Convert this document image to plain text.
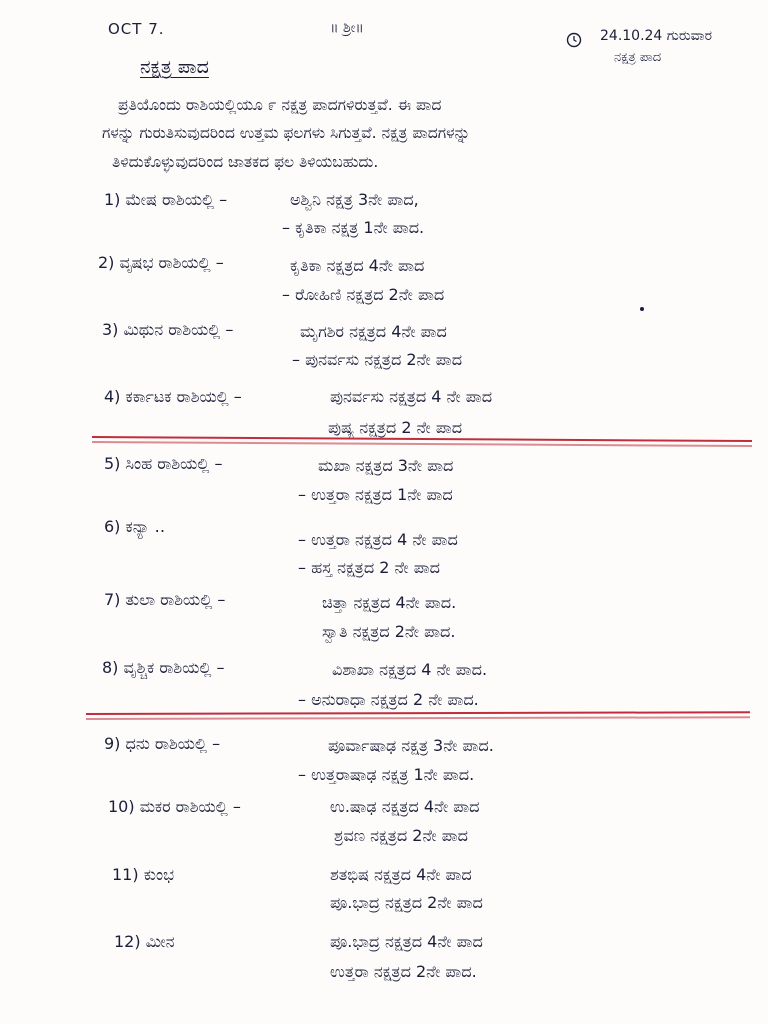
OCT 7.	॥ ಶ್ರೀ॥	24.10.24 ಗುರುವಾರ
ನಕ್ಷತ್ರ ಪಾದ
ನಕ್ಷತ್ರ ಪಾದ
ಪ್ರತಿಯೊಂದು ರಾಶಿಯಲ್ಲಿಯೂ ೯ ನಕ್ಷತ್ರ ಪಾದಗಳಿರುತ್ತವೆ. ಈ ಪಾದ
ಗಳನ್ನು ಗುರುತಿಸುವುದರಿಂದ ಉತ್ತಮ ಫಲಗಳು ಸಿಗುತ್ತವೆ. ನಕ್ಷತ್ರ ಪಾದಗಳನ್ನು
ತಿಳಿದುಕೊಳ್ಳುವುದರಿಂದ ಜಾತಕದ ಫಲ ತಿಳಿಯಬಹುದು.
1) ಮೇಷ ರಾಶಿಯಲ್ಲಿ –	ಅಶ್ವಿನಿ ನಕ್ಷತ್ರ 3ನೇ ಪಾದ,
– ಕೃತಿಕಾ ನಕ್ಷತ್ರ 1ನೇ ಪಾದ.
2) ವೃಷಭ ರಾಶಿಯಲ್ಲಿ –	ಕೃತಿಕಾ ನಕ್ಷತ್ರದ 4ನೇ ಪಾದ
– ರೋಹಿಣಿ ನಕ್ಷತ್ರದ 2ನೇ ಪಾದ
3) ಮಿಥುನ ರಾಶಿಯಲ್ಲಿ –	ಮೃಗಶಿರ ನಕ್ಷತ್ರದ 4ನೇ ಪಾದ
– ಪುನರ್ವಸು ನಕ್ಷತ್ರದ 2ನೇ ಪಾದ
4) ಕರ್ಕಾಟಕ ರಾಶಿಯಲ್ಲಿ –	ಪುನರ್ವಸು ನಕ್ಷತ್ರದ 4 ನೇ ಪಾದ
ಪುಷ್ಯ ನಕ್ಷತ್ರದ 2 ನೇ ಪಾದ
5) ಸಿಂಹ ರಾಶಿಯಲ್ಲಿ –	ಮಖಾ ನಕ್ಷತ್ರದ 3ನೇ ಪಾದ
– ಉತ್ತರಾ ನಕ್ಷತ್ರದ 1ನೇ ಪಾದ
6) ಕನ್ಯಾ ‥
– ಉತ್ತರಾ ನಕ್ಷತ್ರದ 4 ನೇ ಪಾದ
– ಹಸ್ತ ನಕ್ಷತ್ರದ 2 ನೇ ಪಾದ
7) ತುಲಾ ರಾಶಿಯಲ್ಲಿ –	ಚಿತ್ತಾ ನಕ್ಷತ್ರದ 4ನೇ ಪಾದ.
ಸ್ವಾತಿ ನಕ್ಷತ್ರದ 2ನೇ ಪಾದ.
8) ವೃಶ್ಚಿಕ ರಾಶಿಯಲ್ಲಿ –	ವಿಶಾಖಾ ನಕ್ಷತ್ರದ 4 ನೇ ಪಾದ.
– ಅನುರಾಧಾ ನಕ್ಷತ್ರದ 2 ನೇ ಪಾದ.
9) ಧನು ರಾಶಿಯಲ್ಲಿ –	ಪೂರ್ವಾಷಾಢ ನಕ್ಷತ್ರ 3ನೇ ಪಾದ.
– ಉತ್ತರಾಷಾಢ ನಕ್ಷತ್ರ 1ನೇ ಪಾದ.
10) ಮಕರ ರಾಶಿಯಲ್ಲಿ –	ಉ.ಷಾಢ ನಕ್ಷತ್ರದ 4ನೇ ಪಾದ
ಶ್ರವಣ ನಕ್ಷತ್ರದ 2ನೇ ಪಾದ
11) ಕುಂಭ	ಶತಭಿಷ ನಕ್ಷತ್ರದ 4ನೇ ಪಾದ
ಪೂ.ಭಾದ್ರ ನಕ್ಷತ್ರದ 2ನೇ ಪಾದ
12) ಮೀನ	ಪೂ.ಭಾದ್ರ ನಕ್ಷತ್ರದ 4ನೇ ಪಾದ
ಉತ್ತರಾ ನಕ್ಷತ್ರದ 2ನೇ ಪಾದ.
